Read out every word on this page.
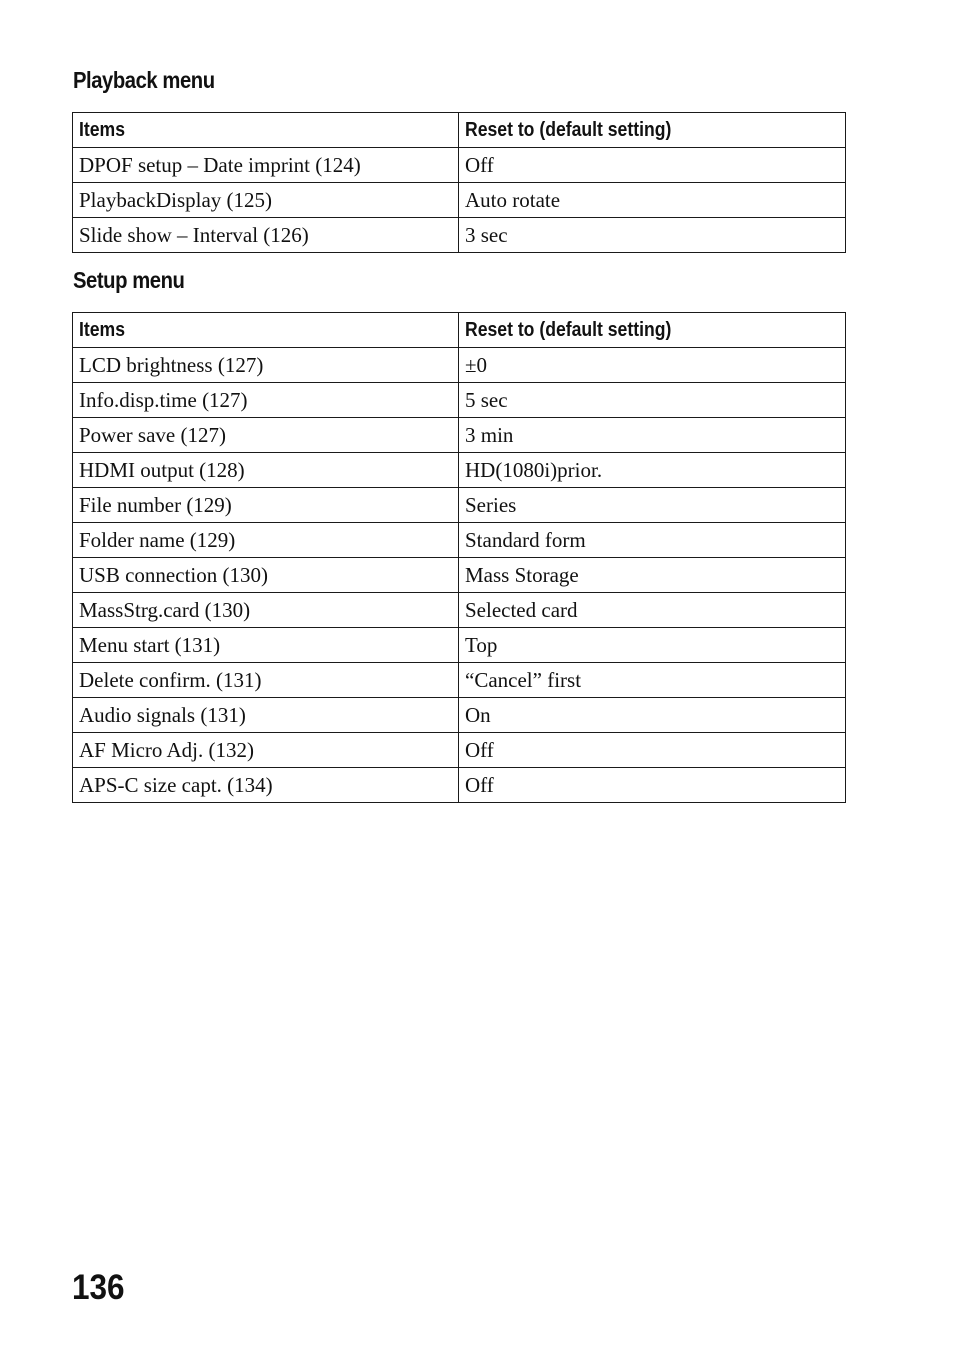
Playback menu
Items	Reset to (default setting)
DPOF setup – Date imprint (124)	Off
PlaybackDisplay (125)	Auto rotate
Slide show – Interval (126)	3 sec
Setup menu
Items	Reset to (default setting)
LCD brightness (127)	±0
Info.disp.time (127)	5 sec
Power save (127)	3 min
HDMI output (128)	HD(1080i)prior.
File number (129)	Series
Folder name (129)	Standard form
USB connection (130)	Mass Storage
MassStrg.card (130)	Selected card
Menu start (131)	Top
Delete confirm. (131)	“Cancel” first
Audio signals (131)	On
AF Micro Adj. (132)	Off
APS-C size capt. (134)	Off
136
